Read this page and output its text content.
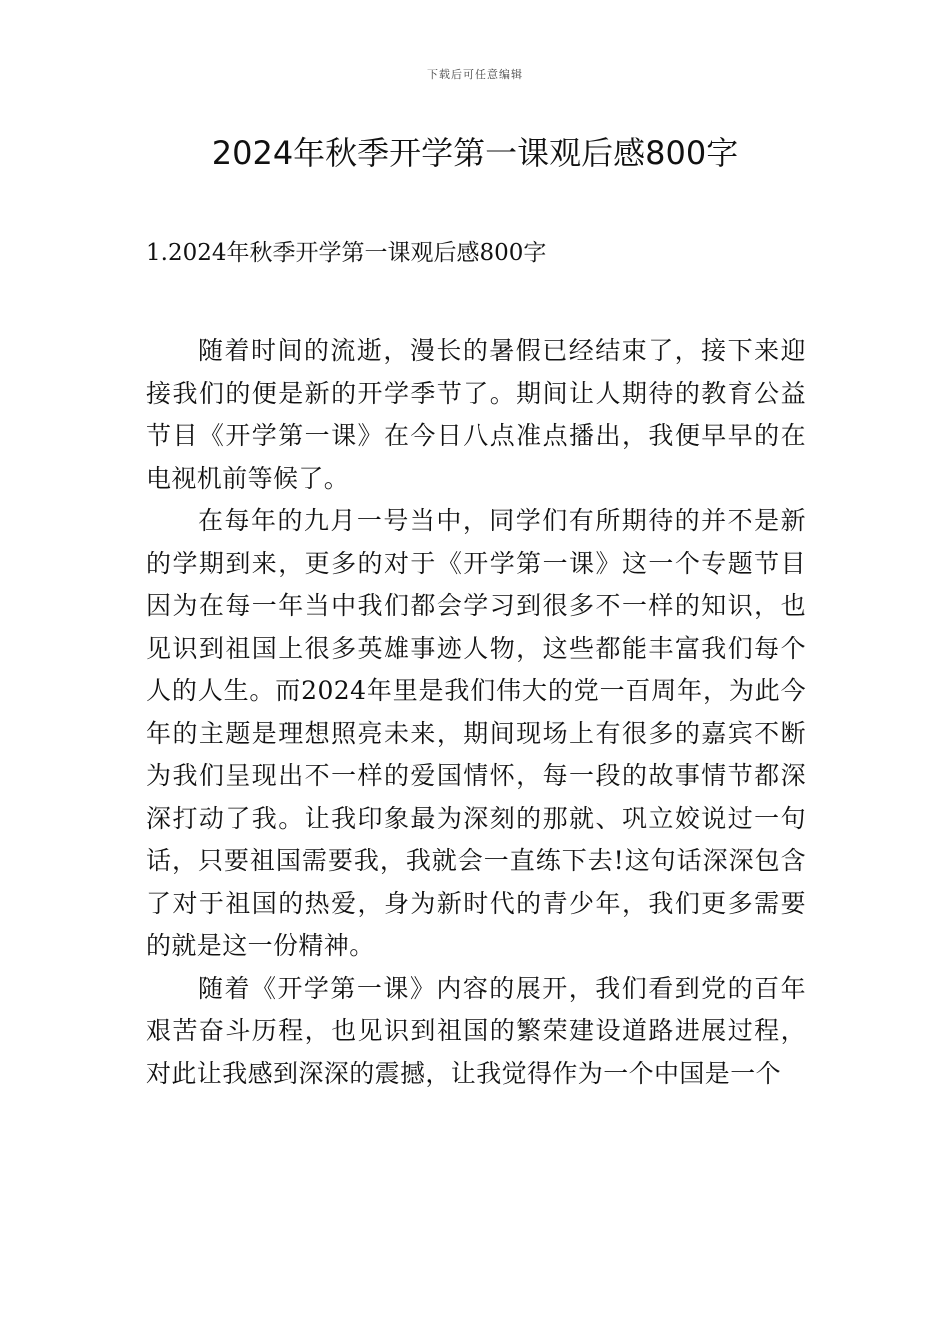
下载后可任意编辑
2024年秋季开学第一课观后感800字
1.2024年秋季开学第一课观后感800字

随着时间的流逝，漫长的暑假已经结束了，接下来迎接我们的便是新的开学季节了。期间让人期待的教育公益节目《开学第一课》在今日八点准点播出，我便早早的在电视机前等候了。

在每年的九月一号当中，同学们有所期待的并不是新的学期到来，更多的对于《开学第一课》这一个专题节目因为在每一年当中我们都会学习到很多不一样的知识，也见识到祖国上很多英雄事迹人物，这些都能丰富我们每个人的人生。而2024年里是我们伟大的党一百周年，为此今年的主题是理想照亮未来，期间现场上有很多的嘉宾不断为我们呈现出不一样的爱国情怀，每一段的故事情节都深深打动了我。让我印象最为深刻的那就、巩立姣说过一句话，只要祖国需要我，我就会一直练下去!这句话深深包含了对于祖国的热爱，身为新时代的青少年，我们更多需要的就是这一份精神。

随着《开学第一课》内容的展开，我们看到党的百年艰苦奋斗历程，也见识到祖国的繁荣建设道路进展过程，对此让我感到深深的震撼，让我觉得作为一个中国是一个
